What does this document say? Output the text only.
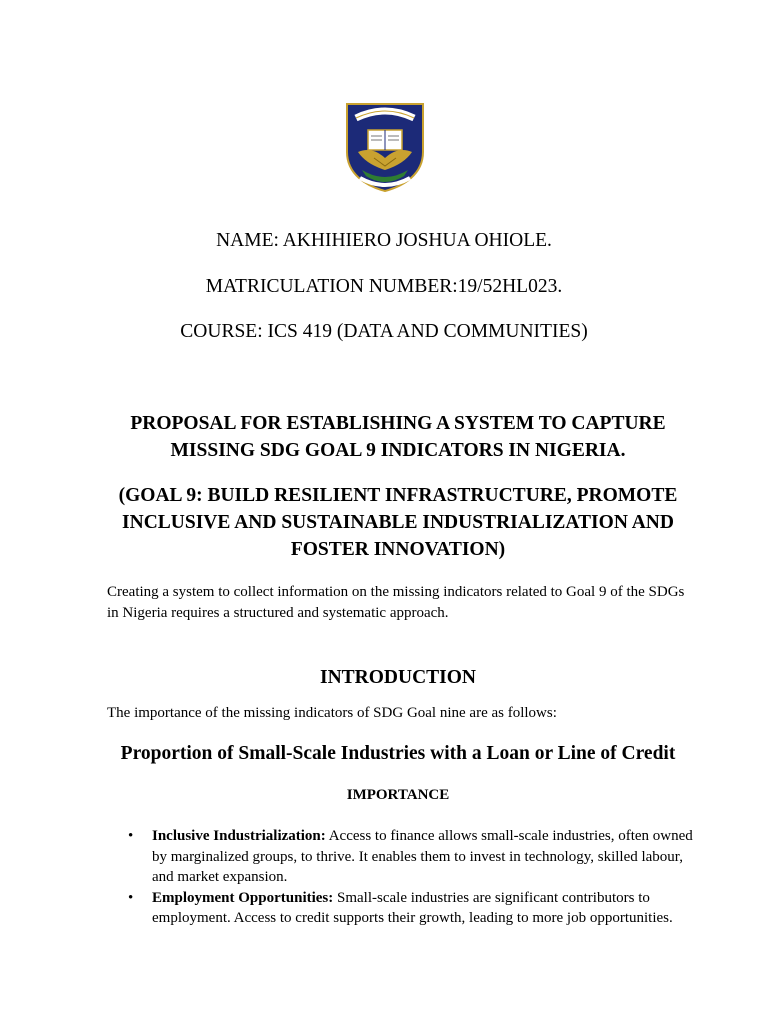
NAME: AKHIHIERO JOSHUA OHIOLE.
MATRICULATION NUMBER:19/52HL023.
COURSE: ICS 419 (DATA AND COMMUNITIES)
PROPOSAL FOR ESTABLISHING A SYSTEM TO CAPTURE MISSING SDG GOAL 9 INDICATORS IN NIGERIA.
(GOAL 9: BUILD RESILIENT INFRASTRUCTURE, PROMOTE INCLUSIVE AND SUSTAINABLE INDUSTRIALIZATION AND FOSTER INNOVATION)
Creating a system to collect information on the missing indicators related to Goal 9 of the SDGs in Nigeria requires a structured and systematic approach.
INTRODUCTION
The importance of the missing indicators of SDG Goal nine are as follows:
Proportion of Small-Scale Industries with a Loan or Line of Credit
IMPORTANCE
• Inclusive Industrialization: Access to finance allows small-scale industries, often owned by marginalized groups, to thrive. It enables them to invest in technology, skilled labour, and market expansion.
• Employment Opportunities: Small-scale industries are significant contributors to employment. Access to credit supports their growth, leading to more job opportunities.
